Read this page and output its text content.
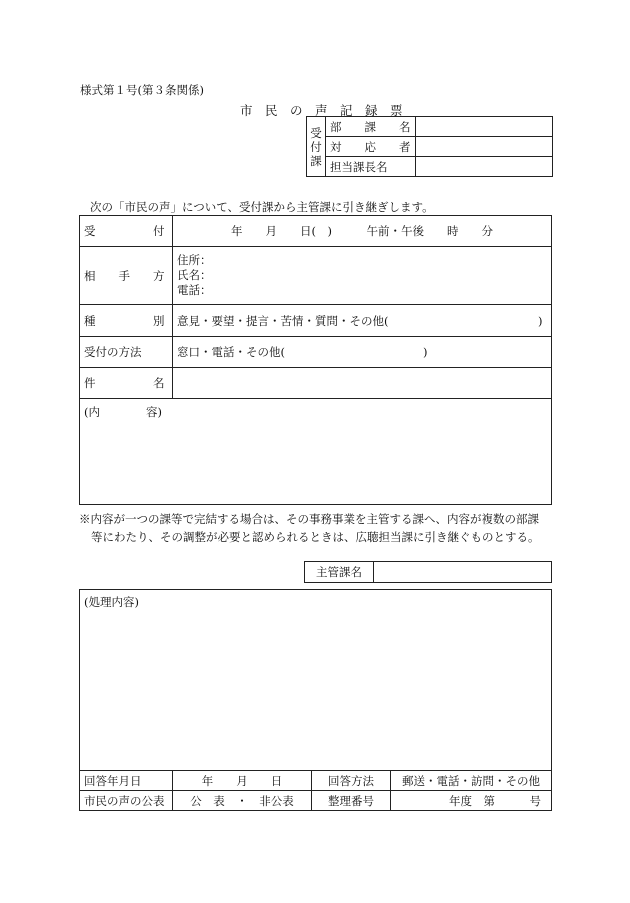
様式第１号(第３条関係)
市　民　の　声　記　録　票
受
付
課	部　　課　　名	
	対　　応　　者	
	担当課長名	
次の「市民の声」について、受付課から主管課に引き継ぎします。
受　　　　　付	年　　月　　日(　)　　　午前・午後　　時　　分
相　　手　　方	住所：
氏名：
電話：

種　　　　　別	意見・要望・提言・苦情・質問・その他(　　　　　　　　　　　　　)
受付の方法	窓口・電話・その他(　　　　　　　　　　　　)
件　　　　　名	
(内　　　　容)	
※内容が一つの課等で完結する場合は、その事務事業を主管する課へ、内容が複数の部課
等にわたり、その調整が必要と認められるときは、広聴担当課に引き継ぐものとする。
主管課名	
(処理内容)			
回答年月日	年　　月　　日	回答方法	郵送・電話・訪問・その他
市民の声の公表	公　表　・　非公表	整理番号	年度　第　　　号
